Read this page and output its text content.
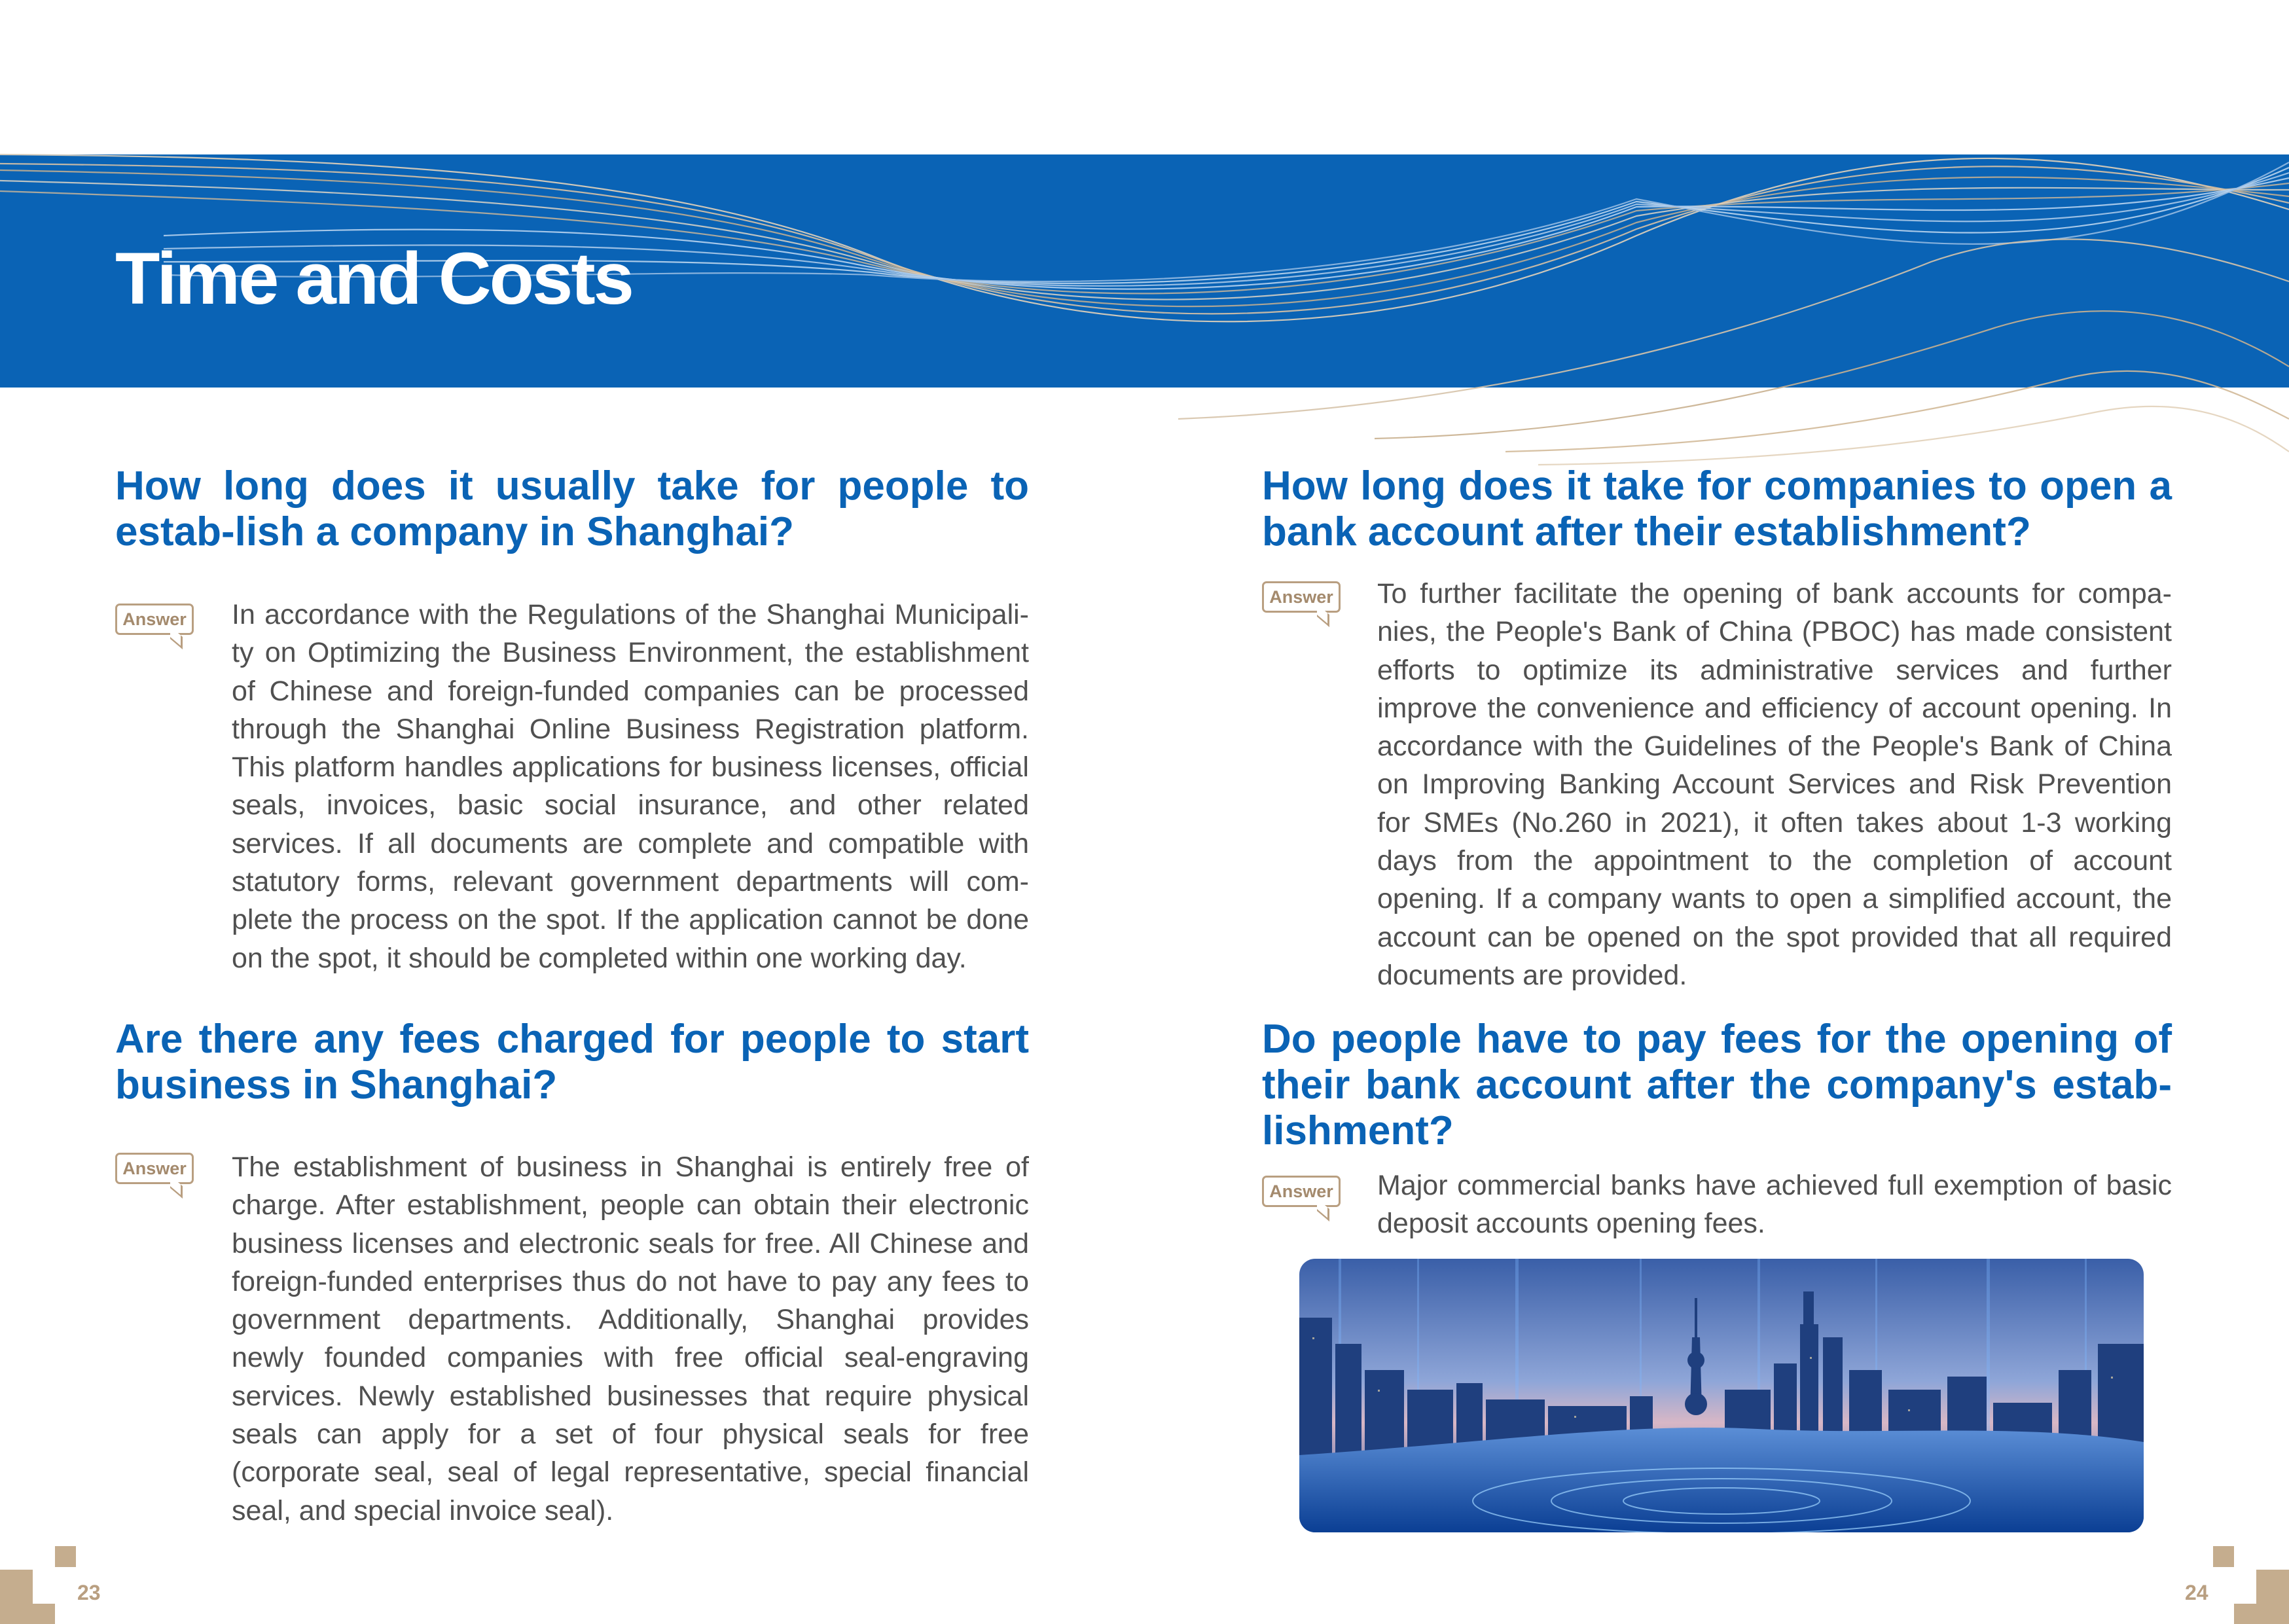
Time and Costs
How long does it usually take for people to estab-lish a company in Shanghai?
Answer In accordance with the Regulations of the Shanghai Municipali-ty on Optimizing the Business Environment, the establishment of Chinese and foreign-funded companies can be processed through the Shanghai Online Business Registration platform. This platform handles applications for business licenses, official seals, invoices, basic social insurance, and other related services. If all documents are complete and compatible with statutory forms, relevant government departments will com-plete the process on the spot. If the application cannot be done on the spot, it should be completed within one working day.

Are there any fees charged for people to start business in Shanghai?
Answer The establishment of business in Shanghai is entirely free of charge. After establishment, people can obtain their electronic business licenses and electronic seals for free. All Chinese and foreign-funded enterprises thus do not have to pay any fees to government departments. Additionally, Shanghai provides newly founded companies with free official seal-engraving services. Newly established businesses that require physical seals can apply for a set of four physical seals for free (corporate seal, seal of legal representative, special financial seal, and special invoice seal).

How long does it take for companies to open a bank account after their establishment?
Answer To further facilitate the opening of bank accounts for compa-nies, the People's Bank of China (PBOC) has made consistent efforts to optimize its administrative services and further improve the convenience and efficiency of account opening. In accordance with the Guidelines of the People's Bank of China on Improving Banking Account Services and Risk Prevention for SMEs (No.260 in 2021), it often takes about 1-3 working days from the appointment to the completion of account opening. If a company wants to open a simplified account, the account can be opened on the spot provided that all required documents are provided.

Do people have to pay fees for the opening of their bank account after the company's estab-lishment?
Answer Major commercial banks have achieved full exemption of basic deposit accounts opening fees.

23	24
